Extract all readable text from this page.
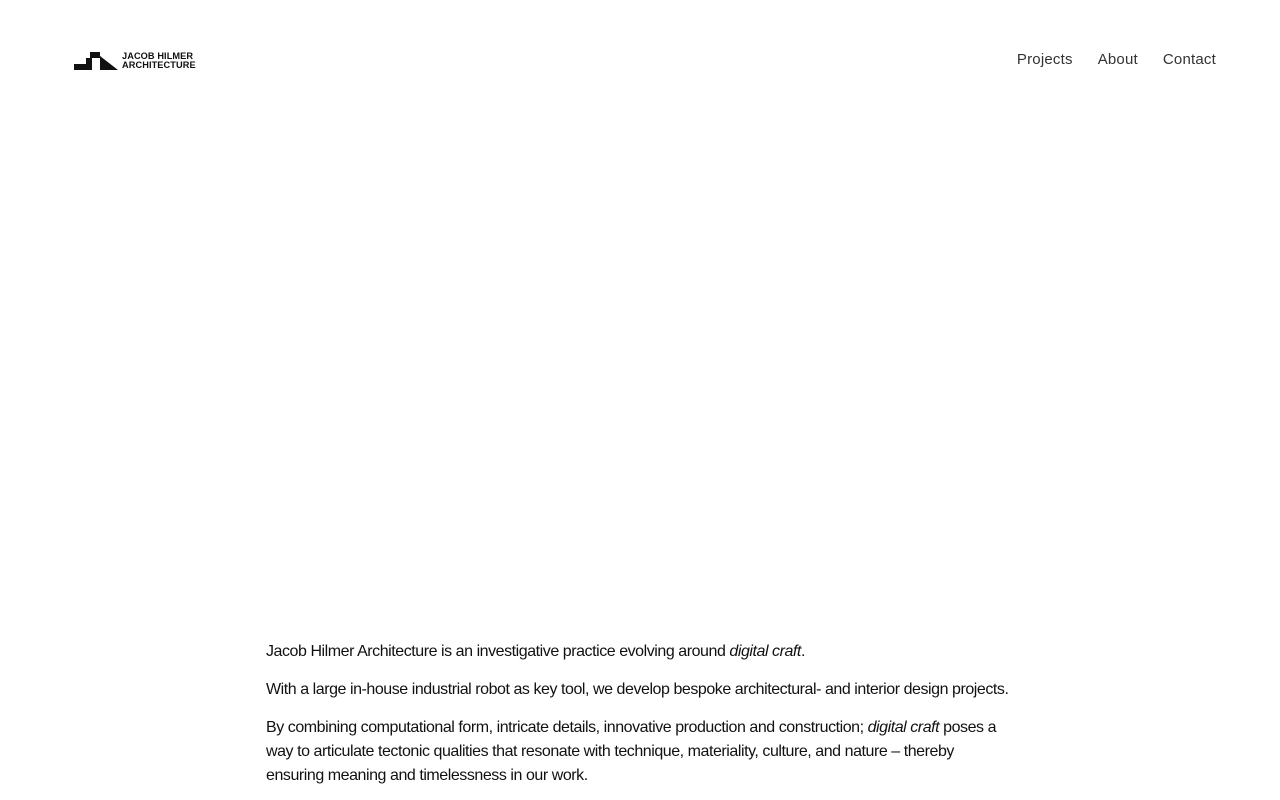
JACOB HILMER
ARCHITECTURE	Projects About Contact

Jacob Hilmer Architecture is an investigative practice evolving around digital craft.

With a large in-house industrial robot as key tool, we develop bespoke architectural- and interior design projects.

By combining computational form, intricate details, innovative production and construction; digital craft poses a way to articulate tectonic qualities that resonate with technique, materiality, culture, and nature – thereby ensuring meaning and timelessness in our work.
